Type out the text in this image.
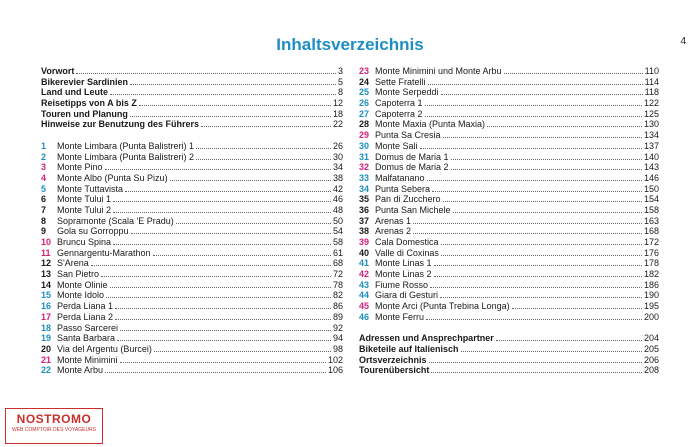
Inhaltsverzeichnis	4
Vorwort	3
Bikerevier Sardinien	5
Land und Leute	8
Reisetipps von A bis Z	12
Touren und Planung	18
Hinweise zur Benutzung des Führers	22
1	Monte Limbara (Punta Balistreri) 1	26
2	Monte Limbara (Punta Balistreri) 2	30
3	Monte Pino	34
4	Monte Albo (Punta Su Pizu)	38
5	Monte Tuttavista	42
6	Monte Tului 1	46
7	Monte Tului 2	48
8	Sopramonte (Scala 'E Pradu)	50
9	Gola su Gorroppu	54
10 Bruncu Spina	58
11 Gennargentu-Marathon	61
12 S'Arena	68
13 San Pietro	72
14 Monte Olinie	78
15 Monte Idolo	82
16 Perda Liana 1	86
17 Perda Liana 2	89
18 Passo Sarcerei	92
19 Santa Barbara	94
20 Via del Argentu (Burcei)	98
21 Monte Minimini	102
22 Monte Arbu	106
23 Monte Minimini und Monte Arbu	110
24 Sette Fratelli	114
25 Monte Serpeddi	118
26 Capoterra 1	122
27 Capoterra 2	125
28 Monte Maxia (Punta Maxia)	130
29 Punta Sa Cresia	134
30 Monte Sali	137
31 Domus de Maria 1	140
32 Domus de Maria 2	143
33 Malfatanano	146
34 Punta Sebera	150
35 Pan di Zucchero	154
36 Punta San Michele	158
37 Arenas 1	163
38 Arenas 2	168
39 Cala Domestica	172
40 Valle di Coxinas	176
41 Monte Linas 1	178
42 Monte Linas 2	182
43 Fiume Rosso	186
44 Giara di Gesturi	190
45 Monte Arci (Punta Trebina Longa)	195
46 Monte Ferru	200
Adressen und Ansprechpartner	204
Biketeile auf Italienisch	205
Ortsverzeichnis	206
Tourenübersicht	208
NOSTROMO
WEB COMPTOIR DES VOYAGEURS
